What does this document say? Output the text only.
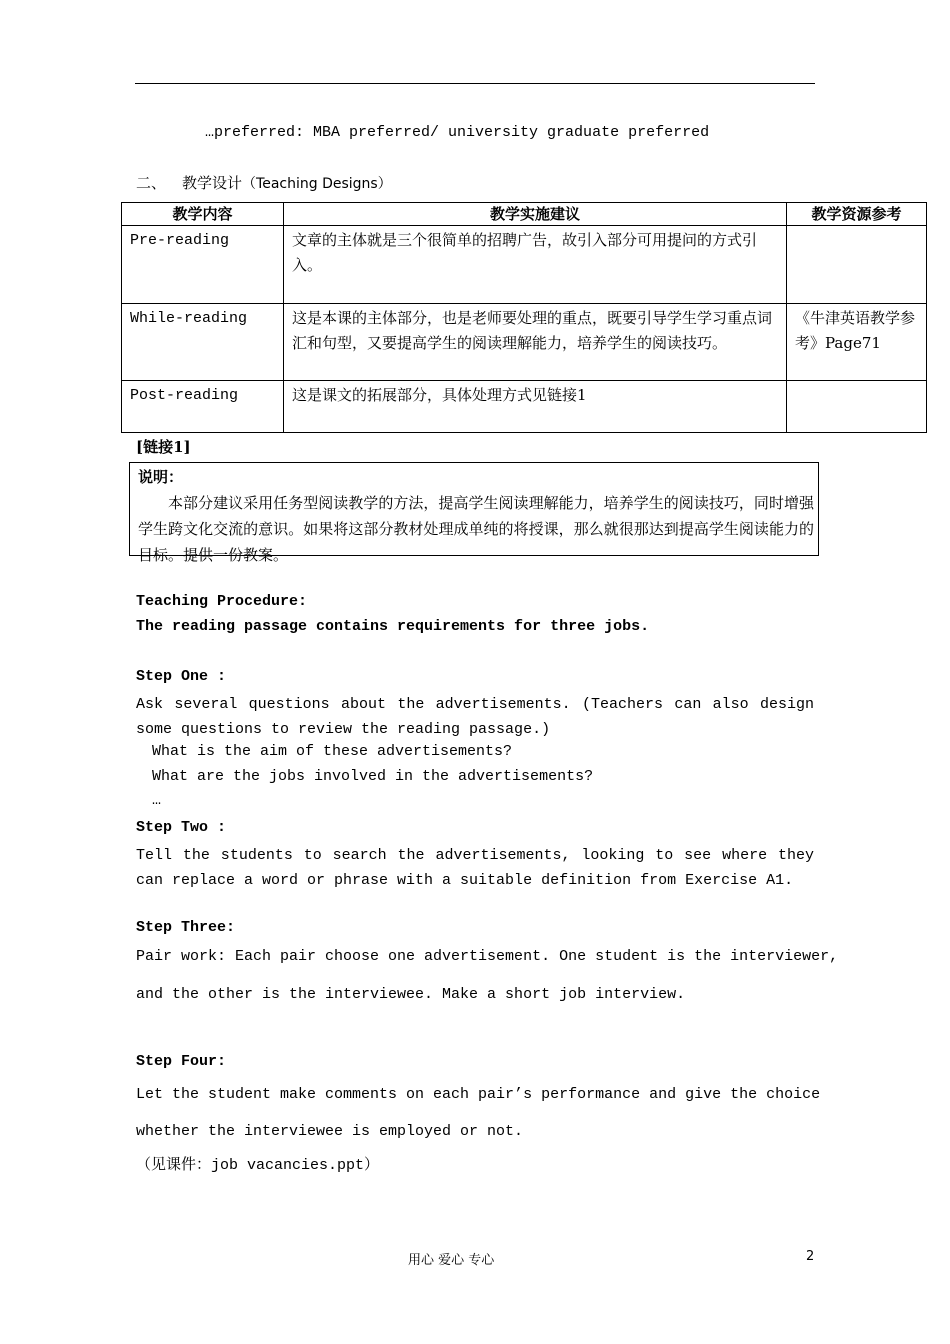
…preferred: MBA preferred/ university graduate preferred
二、 教学设计（Teaching Designs）
教学内容	教学实施建议	教学资源参考
Pre-reading	文章的主体就是三个很简单的招聘广告，故引入部分可用提问的方式引入。	
While-reading	这是本课的主体部分，也是老师要处理的重点，既要引导学生学习重点词汇和句型，又要提高学生的阅读理解能力，培养学生的阅读技巧。	《牛津英语教学参考》Page71
Post-reading	这是课文的拓展部分，具体处理方式见链接1	
[链接1]
说明：
本部分建议采用任务型阅读教学的方法，提高学生阅读理解能力，培养学生的阅读技巧，同时增强学生跨文化交流的意识。如果将这部分教材处理成单纯的将授课，那么就很那达到提高学生阅读能力的目标。提供一份教案。
Teaching Procedure:
The reading passage contains requirements for three jobs.
Step One :
Ask several questions about the advertisements. (Teachers can also design some questions to review the reading passage.)
What is the aim of these advertisements?
What are the jobs involved in the advertisements?
…
Step Two :
Tell the students to search the advertisements, looking to see where they can replace a word or phrase with a suitable definition from Exercise A1.
Step Three:
Pair work: Each pair choose one advertisement. One student is the interviewer,
and the other is the interviewee. Make a short job interview.
Step Four:
Let the student make comments on each pair’s performance and give the choice
whether the interviewee is employed or not.
（见课件：job vacancies.ppt）
用心 爱心 专心	2
